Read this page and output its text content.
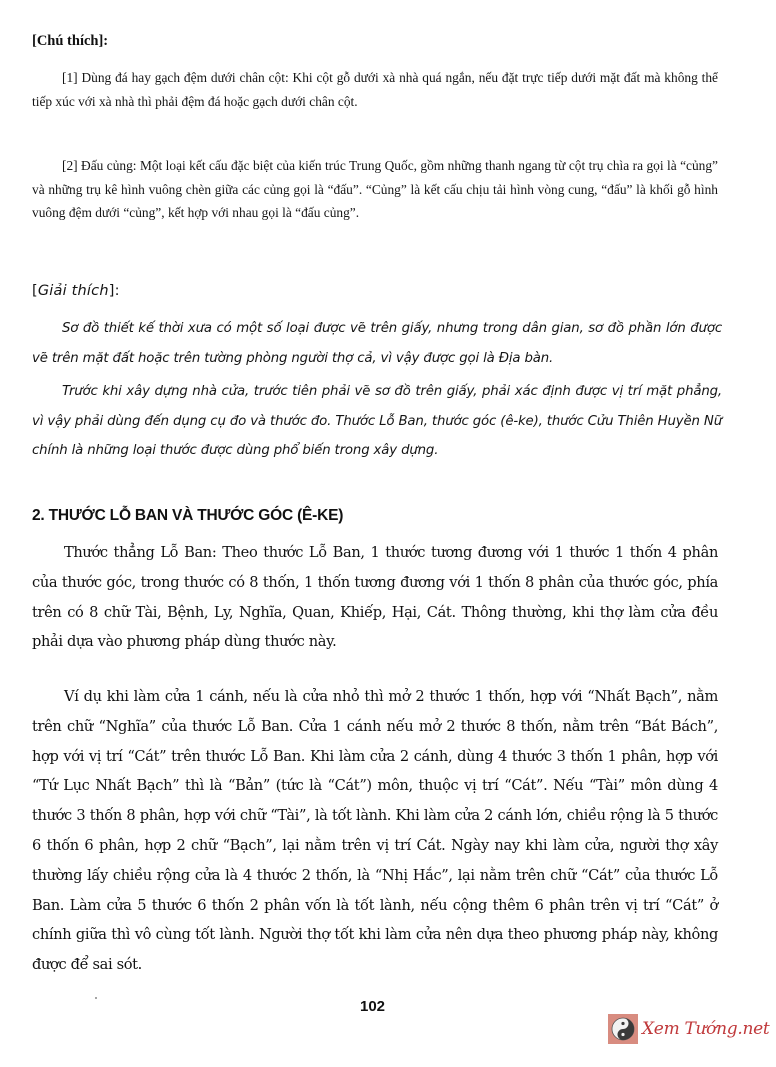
[Chú thích]:

[1] Dùng đá hay gạch đệm dưới chân cột: Khi cột gỗ dưới xà nhà quá ngắn, nếu đặt trực tiếp dưới mặt đất mà không thể tiếp xúc với xà nhà thì phải đệm đá hoặc gạch dưới chân cột.

[2] Đấu củng: Một loại kết cấu đặc biệt của kiến trúc Trung Quốc, gồm những thanh ngang từ cột trụ chìa ra gọi là “củng” và những trụ kê hình vuông chèn giữa các củng gọi là “đấu”. “Củng” là kết cấu chịu tải hình vòng cung, “đấu” là khối gỗ hình vuông đệm dưới “củng”, kết hợp với nhau gọi là “đấu củng”.

[Giải thích]:

Sơ đồ thiết kế thời xưa có một số loại được vẽ trên giấy, nhưng trong dân gian, sơ đồ phần lớn được vẽ trên mặt đất hoặc trên tường phòng người thợ cả, vì vậy được gọi là Địa bàn.

Trước khi xây dựng nhà cửa, trước tiên phải vẽ sơ đồ trên giấy, phải xác định được vị trí mặt phẳng, vì vậy phải dùng đến dụng cụ đo và thước đo. Thước Lỗ Ban, thước góc (ê-ke), thước Cửu Thiên Huyền Nữ chính là những loại thước được dùng phổ biến trong xây dựng.

2. THƯỚC LỖ BAN VÀ THƯỚC GÓC (Ê-KE)

Thước thẳng Lỗ Ban: Theo thước Lỗ Ban, 1 thước tương đương với 1 thước 1 thốn 4 phân của thước góc, trong thước có 8 thốn, 1 thốn tương đương với 1 thốn 8 phân của thước góc, phía trên có 8 chữ Tài, Bệnh, Ly, Nghĩa, Quan, Khiếp, Hại, Cát. Thông thường, khi thợ làm cửa đều phải dựa vào phương pháp dùng thước này.

Ví dụ khi làm cửa 1 cánh, nếu là cửa nhỏ thì mở 2 thước 1 thốn, hợp với “Nhất Bạch”, nằm trên chữ “Nghĩa” của thước Lỗ Ban. Cửa 1 cánh nếu mở 2 thước 8 thốn, nằm trên “Bát Bách”, hợp với vị trí “Cát” trên thước Lỗ Ban. Khi làm cửa 2 cánh, dùng 4 thước 3 thốn 1 phân, hợp với “Tứ Lục Nhất Bạch” thì là “Bản” (tức là “Cát”) môn, thuộc vị trí “Cát”. Nếu “Tài” môn dùng 4 thước 3 thốn 8 phân, hợp với chữ “Tài”, là tốt lành. Khi làm cửa 2 cánh lớn, chiều rộng là 5 thước 6 thốn 6 phân, hợp 2 chữ “Bạch”, lại nằm trên vị trí Cát. Ngày nay khi làm cửa, người thợ xây thường lấy chiều rộng cửa là 4 thước 2 thốn, là “Nhị Hắc”, lại nằm trên chữ “Cát” của thước Lỗ Ban. Làm cửa 5 thước 6 thốn 2 phân vốn là tốt lành, nếu cộng thêm 6 phân trên vị trí “Cát” ở chính giữa thì vô cùng tốt lành. Người thợ tốt khi làm cửa nên dựa theo phương pháp này, không được để sai sót.

102
Xem Tướng.net
